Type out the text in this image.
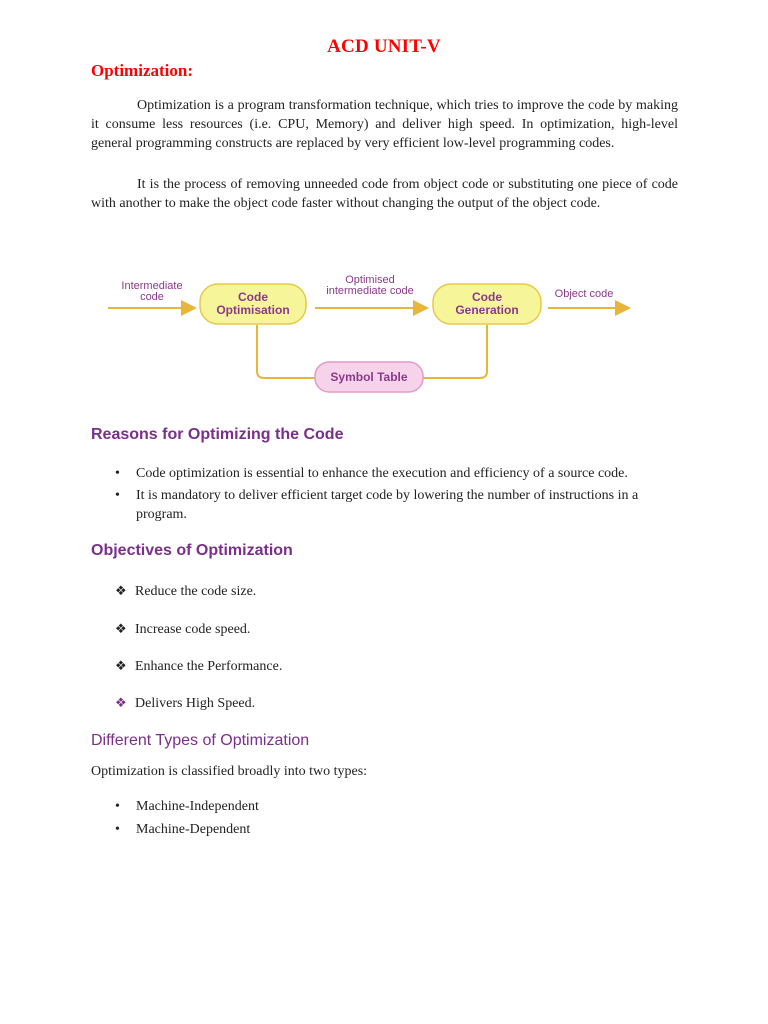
ACD UNIT-V
Optimization:
Optimization is a program transformation technique, which tries to improve the code by making it consume less resources (i.e. CPU, Memory) and deliver high speed. In optimization, high-level general programming constructs are replaced by very efficient low-level programming codes.
It is the process of removing unneeded code from object code or substituting one piece of code with another to make the object code faster without changing the output of the object code.
Intermediate
code	Code
Optimisation
Optimised
intermediate code	Code
Generation
Object code
Symbol Table
Reasons for Optimizing the Code
• Code optimization is essential to enhance the execution and efficiency of a source code.
• It is mandatory to deliver efficient target code by lowering the number of instructions in a program.
Objectives of Optimization
❖ Reduce the code size.
❖ Increase code speed.
❖ Enhance the Performance.
❖ Delivers High Speed.
Different Types of Optimization
Optimization is classified broadly into two types:
• Machine-Independent
• Machine-Dependent
